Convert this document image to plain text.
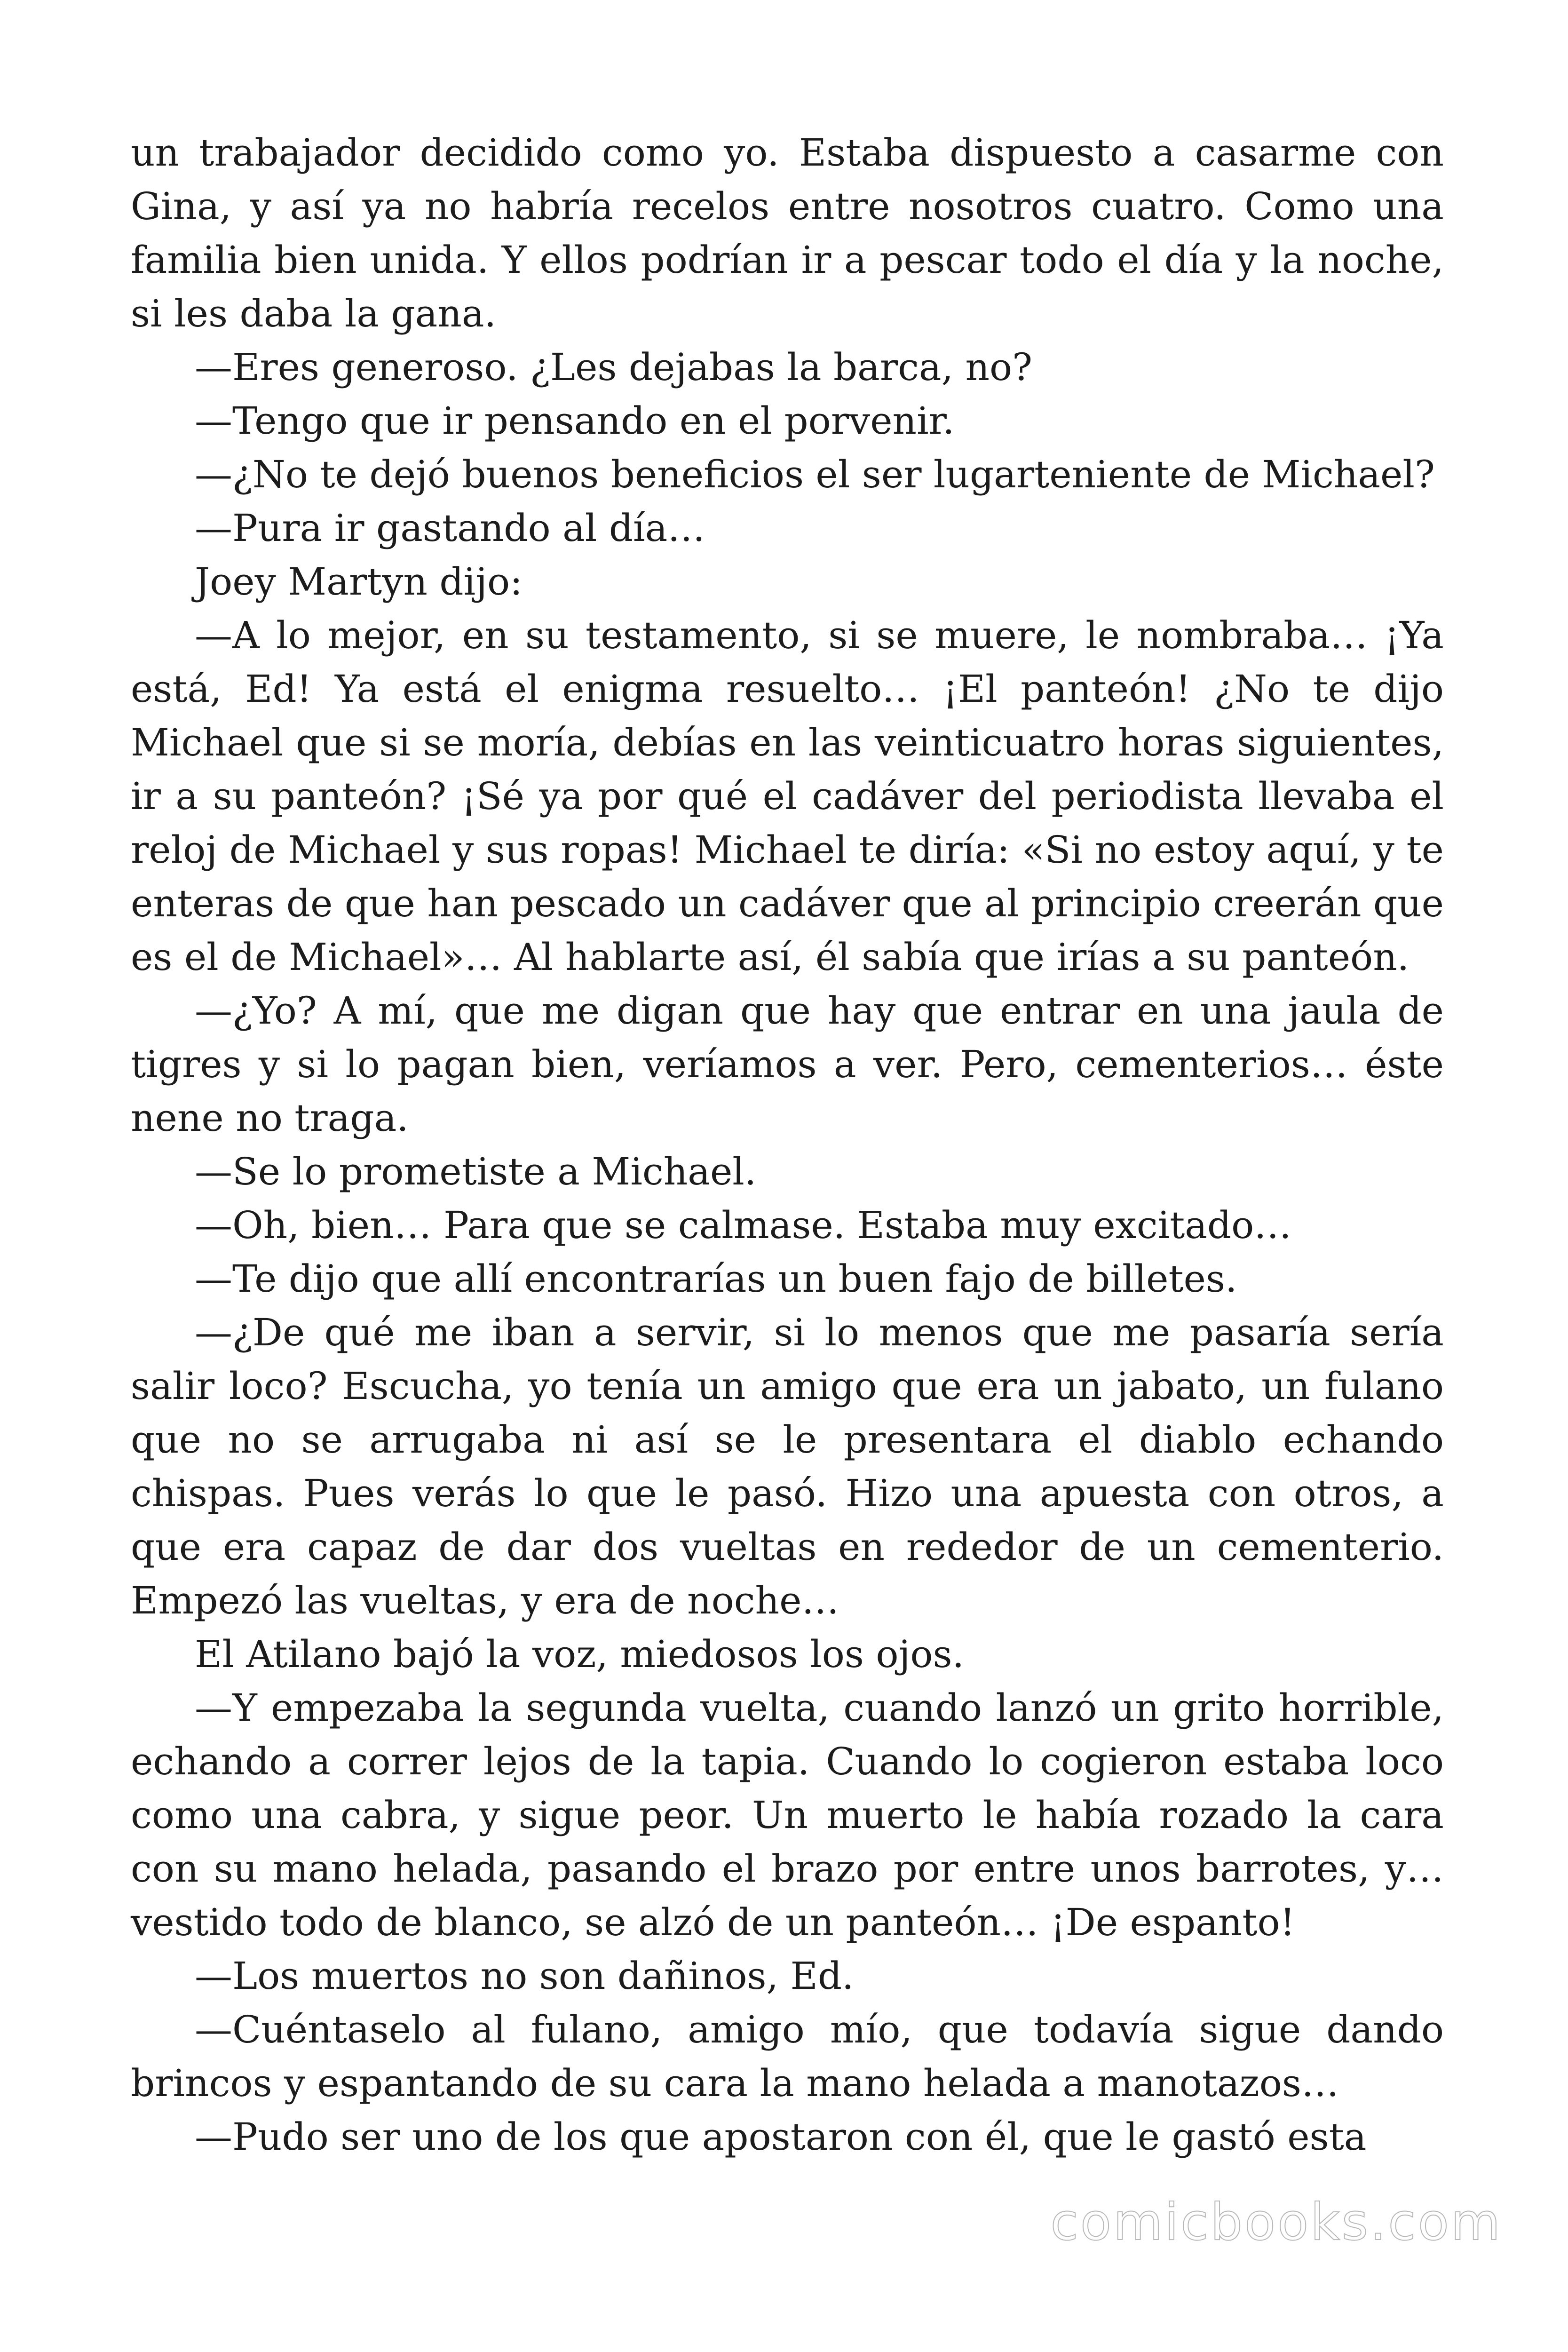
un trabajador decidido como yo. Estaba dispuesto a casarme con Gina, y así ya no habría recelos entre nosotros cuatro. Como una familia bien unida. Y ellos podrían ir a pescar todo el día y la noche, si les daba la gana.

—Eres generoso. ¿Les dejabas la barca, no?

—Tengo que ir pensando en el porvenir.

—¿No te dejó buenos beneficios el ser lugarteniente de Michael?

—Pura ir gastando al día…

Joey Martyn dijo:

—A lo mejor, en su testamento, si se muere, le nombraba… ¡Ya está, Ed! Ya está el enigma resuelto… ¡El panteón! ¿No te dijo Michael que si se moría, debías en las veinticuatro horas siguientes, ir a su panteón? ¡Sé ya por qué el cadáver del periodista llevaba el reloj de Michael y sus ropas! Michael te diría: «Si no estoy aquí, y te enteras de que han pescado un cadáver que al principio creerán que es el de Michael»… Al hablarte así, él sabía que irías a su panteón.

—¿Yo? A mí, que me digan que hay que entrar en una jaula de tigres y si lo pagan bien, veríamos a ver. Pero, cementerios… éste nene no traga.

—Se lo prometiste a Michael.

—Oh, bien… Para que se calmase. Estaba muy excitado…

—Te dijo que allí encontrarías un buen fajo de billetes.

—¿De qué me iban a servir, si lo menos que me pasaría sería salir loco? Escucha, yo tenía un amigo que era un jabato, un fulano que no se arrugaba ni así se le presentara el diablo echando chispas. Pues verás lo que le pasó. Hizo una apuesta con otros, a que era capaz de dar dos vueltas en rededor de un cementerio. Empezó las vueltas, y era de noche…

El Atilano bajó la voz, miedosos los ojos.

—Y empezaba la segunda vuelta, cuando lanzó un grito horrible, echando a correr lejos de la tapia. Cuando lo cogieron estaba loco como una cabra, y sigue peor. Un muerto le había rozado la cara con su mano helada, pasando el brazo por entre unos barrotes, y… vestido todo de blanco, se alzó de un panteón… ¡De espanto!

—Los muertos no son dañinos, Ed.

—Cuéntaselo al fulano, amigo mío, que todavía sigue dando brincos y espantando de su cara la mano helada a manotazos…

—Pudo ser uno de los que apostaron con él, que le gastó esta

comicbooks.com
